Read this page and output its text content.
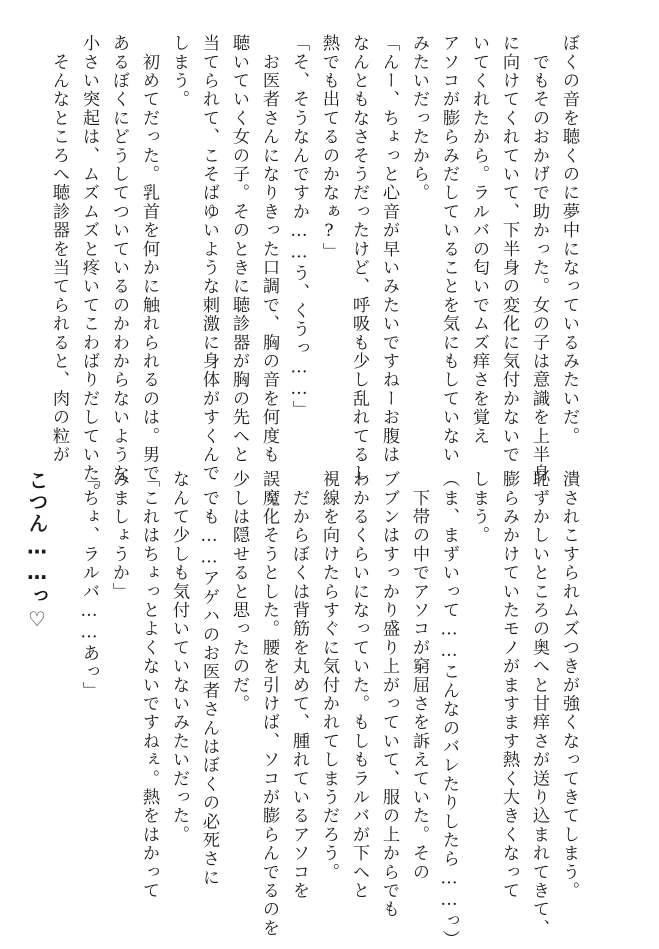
ぼくの音を聴くのに夢中になっているみたいだ。
　でもそのおかげで助かった。女の子は意識を上半身
に向けてくれていて、下半身の変化に気付かないで
いてくれたから。ラルバの匂いでムズ痒さを覚え
アソコが膨らみだしていることを気にもしていない
みたいだったから。
「んー、ちょっと心音が早いみたいですねーお腹は
なんともなさそうだったけど、呼吸も少し乱れてるし
熱でも出てるのかなぁ?」
「そ、そうなんですか……う、くうっ……」
　お医者さんになりきった口調で、胸の音を何度も
聴いていく女の子。そのときに聴診器が胸の先へと
当てられて、こそばゆいような刺激に身体がすくんで
しまう。
　初めてだった。乳首を何かに触れられるのは。男で
あるぼくにどうしてついているのかわからないような
小さい突起は、ムズムズと疼いてこわばりだしていた。
　そんなところへ聴診器を当てられると、肉の粒が
潰されこすられムズつきが強くなってきてしまう。
恥ずかしいところの奥へと甘痒さが送り込まれてきて、
膨らみかけていたモノがますます熱く大きくなって
しまう。
（ま、まずいって……こんなのバレたりしたら……っ）
　下帯の中でアソコが窮屈さを訴えていた。その
ブブンはすっかり盛り上がっていて、服の上からでも
わかるくらいになっていた。もしもラルバが下へと
視線を向けたらすぐに気付かれてしまうだろう。
　だからぼくは背筋を丸めて、腫れているアソコを
誤魔化そうとした。腰を引けば、ソコが膨らんでるのを
少しは隠せると思ったのだ。
　でも……アゲハのお医者さんはぼくの必死さに
なんて少しも気付いていないみたいだった。
「これはちょっとよくないですねぇ。熱をはかって
みましょうか」
「ちょ、ラルバ……あっ」
こつん……っ♡
